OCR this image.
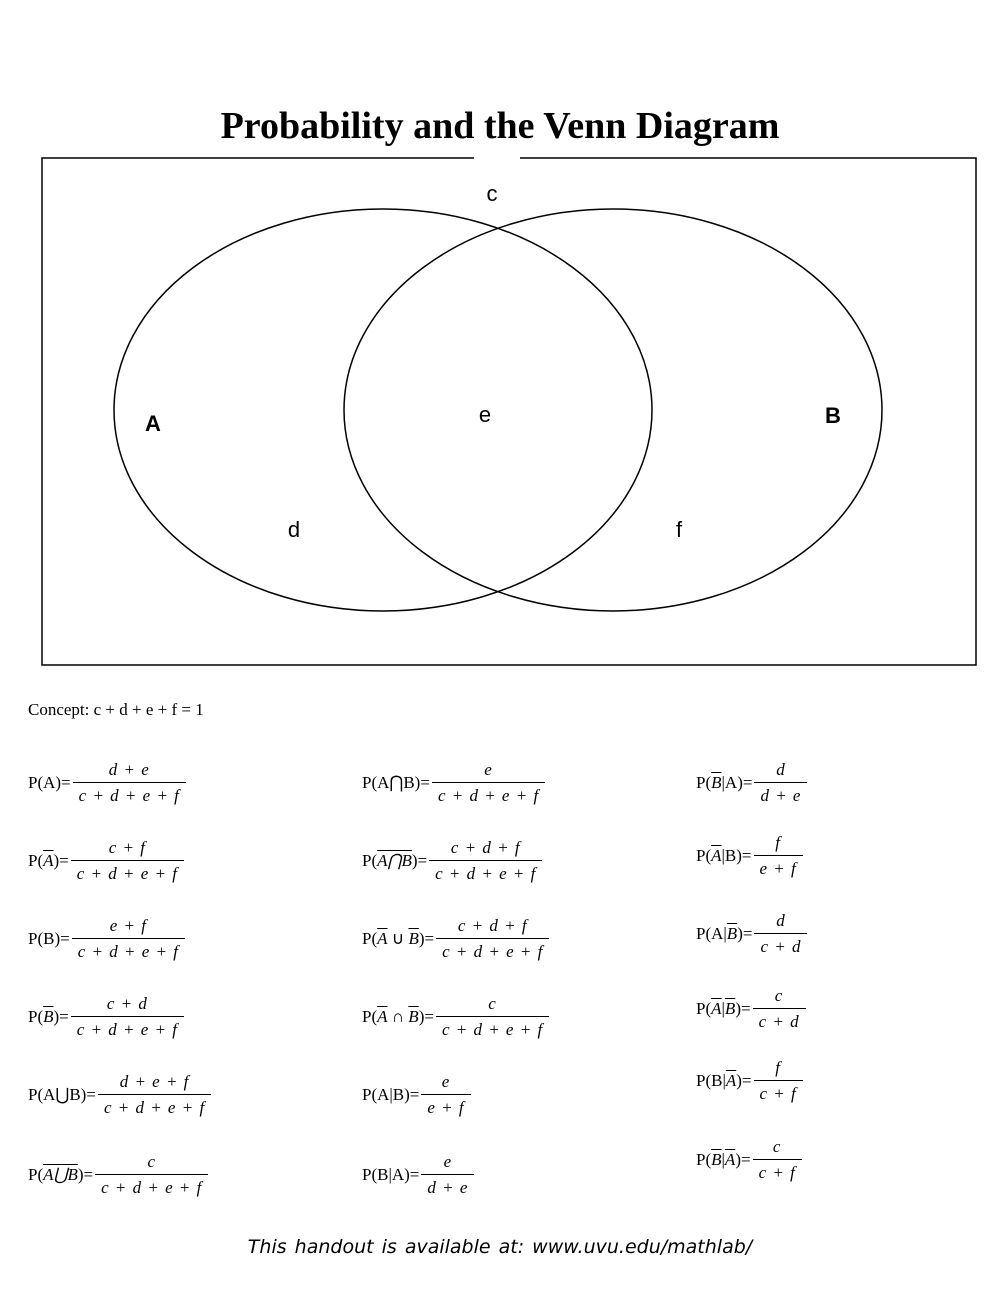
Probability and the Venn Diagram
c
A	e	B
d	f
Concept: c + d + e + f = 1
$P(A)= \frac{d + e}{c + d + e + f}$
$P(\overline{A})= \frac{c + f}{c + d + e + f}$
$P(B)= \frac{e + f}{c + d + e + f}$
$P(\overline{B})= \frac{c + d}{c + d + e + f}$
P(A⋃B)= $\frac{d + e + f}{c + d + e + f}$
P(A⋃B)= $\frac{c}{c + d + e + f}$
P(A⋂B)= $\frac{e}{c + d + e + f}$
P(A⋂B)= $\frac{c + d + f}{c + d + e + f}$
$P(\overline{A}$ ∪ $\overline{B})= \frac{c + d + f}{c + d + e + f}$
$P(\overline{A}$ ∩ $\overline{B})= \frac{c}{c + d + e + f}$
$P(A|B)= \frac{e}{e + f}$
$P(B|A)= \frac{e}{d + e}$
$P(\overline{B}|A)= \frac{d}{d + e}$
$P(\overline{A}|B)= \frac{f}{e + f}$
$P(A|\overline{B})= \frac{d}{c + d}$
$P(\overline{A}|\overline{B})= \frac{c}{c + d}$
$P(B|\overline{A})= \frac{f}{c + f}$
$P(\overline{B}|\overline{A})= \frac{c}{c + f}$
This handout is available at: www.uvu.edu/mathlab/
